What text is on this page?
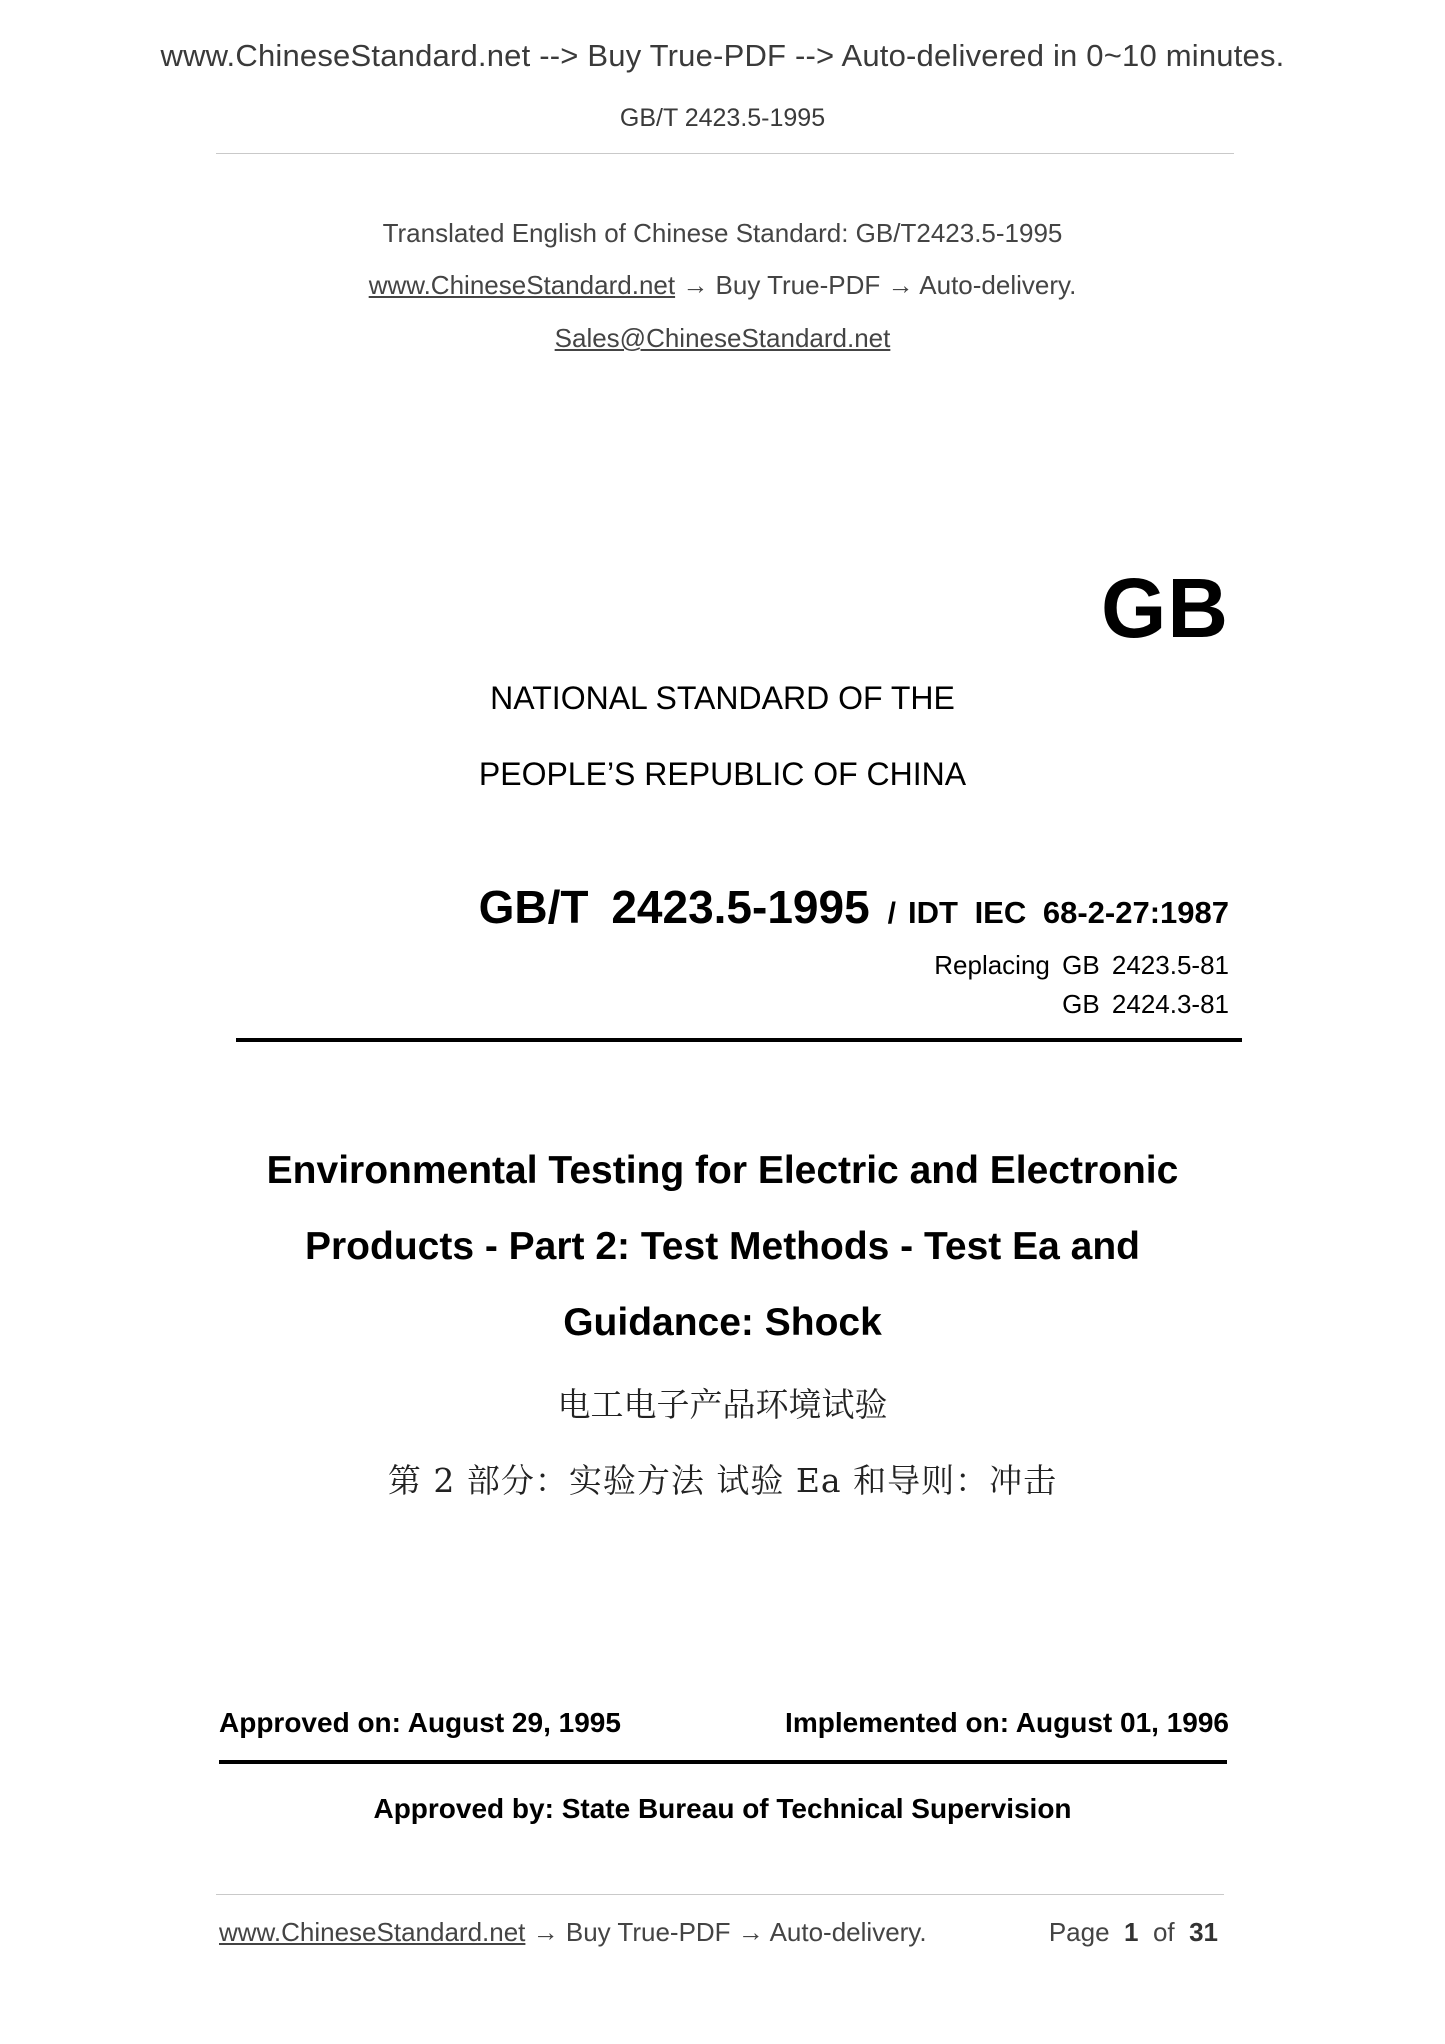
www.ChineseStandard.net --> Buy True-PDF --> Auto-delivered in 0~10 minutes.
GB/T 2423.5-1995
Translated English of Chinese Standard: GB/T2423.5-1995
www.ChineseStandard.net → Buy True-PDF → Auto-delivery.
Sales@ChineseStandard.net
GB
NATIONAL STANDARD OF THE
PEOPLE’S REPUBLIC OF CHINA
GB/T 2423.5-1995 / IDT IEC 68-2-27:1987
Replacing GB 2423.5-81
GB 2424.3-81
Environmental Testing for Electric and Electronic
Products - Part 2: Test Methods - Test Ea and
Guidance: Shock
电工电子产品环境试验
第 2 部分：实验方法 试验 Ea 和导则：冲击
Approved on: August 29, 1995	Implemented on: August 01, 1996
Approved by: State Bureau of Technical Supervision
www.ChineseStandard.net → Buy True-PDF → Auto-delivery.	Page 1 of 31
